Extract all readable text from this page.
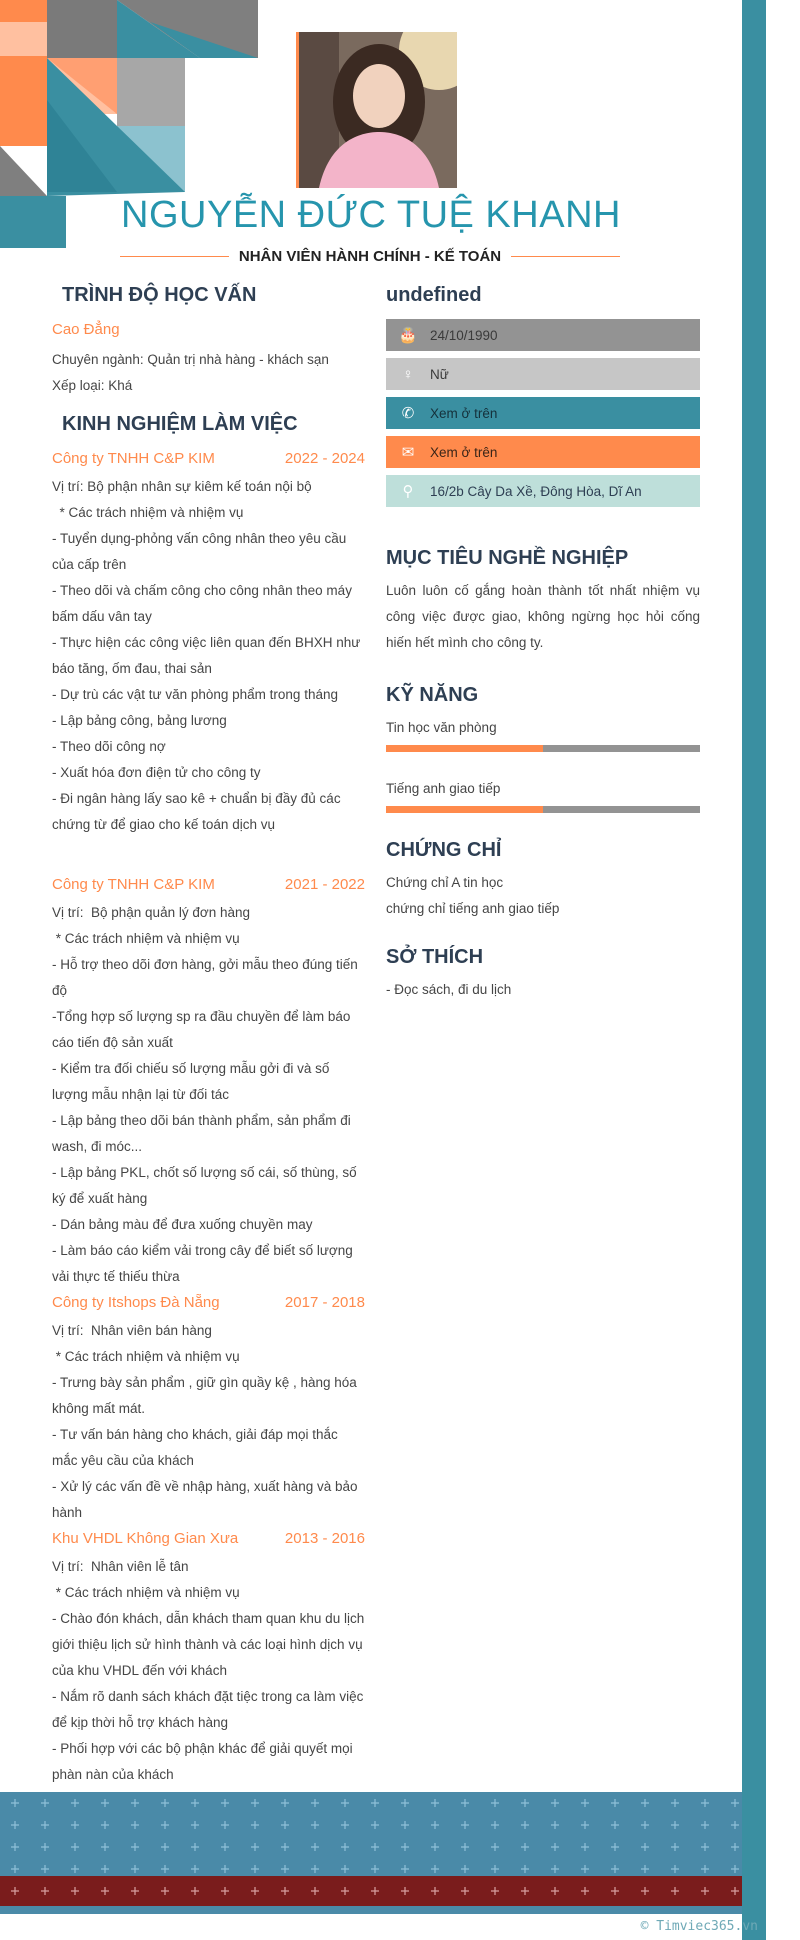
NGUYỄN ĐỨC TUỆ KHANH
NHÂN VIÊN HÀNH CHÍNH - KẾ TOÁN
TRÌNH ĐỘ HỌC VẤN
Cao Đẳng
Chuyên ngành: Quản trị nhà hàng - khách sạn
Xếp loại: Khá
KINH NGHIỆM LÀM VIỆC
Công ty TNHH C&P KIM	2022 - 2024
Vị trí: Bộ phận nhân sự kiêm kế toán nội bộ
* Các trách nhiệm và nhiệm vụ
- Tuyển dụng-phỏng vấn công nhân theo yêu cầu của cấp trên
- Theo dõi và chấm công cho công nhân theo máy bấm dấu vân tay
- Thực hiện các công việc liên quan đến BHXH như báo tăng, ốm đau, thai sản
- Dự trù các vật tư văn phòng phẩm trong tháng
- Lập bảng công, bảng lương
- Theo dõi công nợ
- Xuất hóa đơn điện tử cho công ty
- Đi ngân hàng lấy sao kê + chuẩn bị đầy đủ các chứng từ để giao cho kế toán dịch vụ
Công ty TNHH C&P KIM	2021 - 2022
Vị trí:  Bộ phận quản lý đơn hàng
* Các trách nhiệm và nhiệm vụ
- Hỗ trợ theo dõi đơn hàng, gởi mẫu theo đúng tiến độ
-Tổng hợp số lượng sp ra đầu chuyền để làm báo cáo tiến độ sản xuất
- Kiểm tra đối chiếu số lượng mẫu gởi đi và số lượng mẫu nhận lại từ đối tác
- Lập bảng theo dõi bán thành phẩm, sản phẩm đi wash, đi móc...
- Lập bảng PKL, chốt số lượng số cái, số thùng, số ký để xuất hàng
- Dán bảng màu để đưa xuống chuyền may
- Làm báo cáo kiểm vải trong cây để biết số lượng vải thực tế thiếu thừa
Công ty Itshops Đà Nẵng	2017 - 2018
Vị trí:  Nhân viên bán hàng
* Các trách nhiệm và nhiệm vụ
- Trưng bày sản phẩm , giữ gìn quầy kệ , hàng hóa không mất mát.
- Tư vấn bán hàng cho khách, giải đáp mọi thắc mắc yêu cầu của khách
- Xử lý các vấn đề về nhập hàng, xuất hàng và bảo hành
Khu VHDL Không Gian Xưa	2013 - 2016
Vị trí:  Nhân viên lễ tân
* Các trách nhiệm và nhiệm vụ
- Chào đón khách, dẫn khách tham quan khu du lịch giới thiệu lịch sử hình thành và các loại hình dịch vụ của khu VHDL đến với khách
- Nắm rõ danh sách khách đặt tiệc trong ca làm việc để kịp thời hỗ trợ khách hàng
- Phối hợp với các bộ phận khác để giải quyết mọi phàn nàn của khách
undefined
🎂 24/10/1990
♀	Nữ
✆	Xem ở trên
✉	Xem ở trên
⚲	16/2b Cây Da Xề, Đông Hòa, Dĩ An
MỤC TIÊU NGHỀ NGHIỆP
Luôn luôn cố gắng hoàn thành tốt nhất nhiệm vụ công việc được giao, không ngừng học hỏi cống hiến hết mình cho công ty.
KỸ NĂNG
Tin học văn phòng
Tiếng anh giao tiếp
CHỨNG CHỈ
Chứng chỉ A tin học
chứng chỉ tiếng anh giao tiếp
SỞ THÍCH
- Đọc sách, đi du lịch
© Timviec365.vn
